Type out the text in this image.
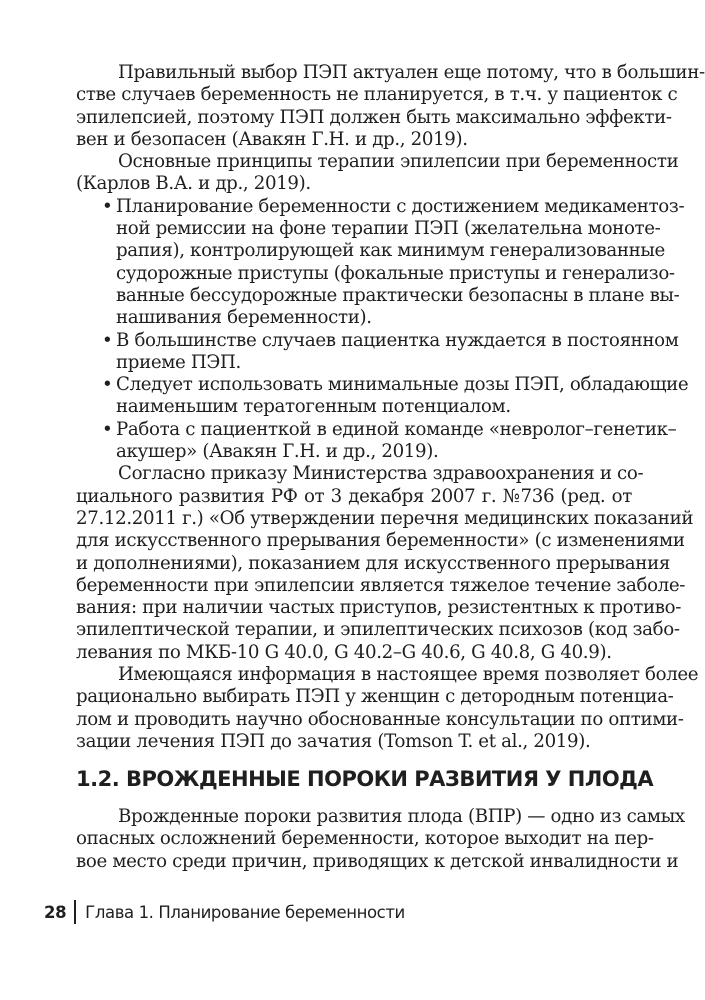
Правильный выбор ПЭП актуален еще потому, что в большин-
стве случаев беременность не планируется, в т.ч. у пациенток с
эпилепсией, поэтому ПЭП должен быть максимально эффекти-
вен и безопасен (Авакян Г.Н. и др., 2019).
Основные принципы терапии эпилепсии при беременности
(Карлов В.А. и др., 2019).
• Планирование беременности с достижением медикаментоз-
ной ремиссии на фоне терапии ПЭП (желательна моноте-
рапия), контролирующей как минимум генерализованные
судорожные приступы (фокальные приступы и генерализо-
ванные бессудорожные практически безопасны в плане вы-
нашивания беременности).
• В большинстве случаев пациентка нуждается в постоянном
приеме ПЭП.
• Следует использовать минимальные дозы ПЭП, обладающие
наименьшим тератогенным потенциалом.
• Работа с пациенткой в единой команде «невролог–генетик–
акушер» (Авакян Г.Н. и др., 2019).
Согласно приказу Министерства здравоохранения и со-
циального развития РФ от 3 декабря 2007 г. №736 (ред. от
27.12.2011 г.) «Об утверждении перечня медицинских показаний
для искусственного прерывания беременности» (с изменениями
и дополнениями), показанием для искусственного прерывания
беременности при эпилепсии является тяжелое течение заболе-
вания: при наличии частых приступов, резистентных к противо-
эпилептической терапии, и эпилептических психозов (код забо-
левания по МКБ-10 G 40.0, G 40.2–G 40.6, G 40.8, G 40.9).
Имеющаяся информация в настоящее время позволяет более
рационально выбирать ПЭП у женщин с детородным потенциа-
лом и проводить научно обоснованные консультации по оптими-
зации лечения ПЭП до зачатия (Tomson T. et al., 2019).
1.2. ВРОЖДЕННЫЕ ПОРОКИ РАЗВИТИЯ У ПЛОДА
Врожденные пороки развития плода (ВПР) — одно из самых
опасных осложнений беременности, которое выходит на пер-
вое место среди причин, приводящих к детской инвалидности и
28 Глава 1. Планирование беременности
